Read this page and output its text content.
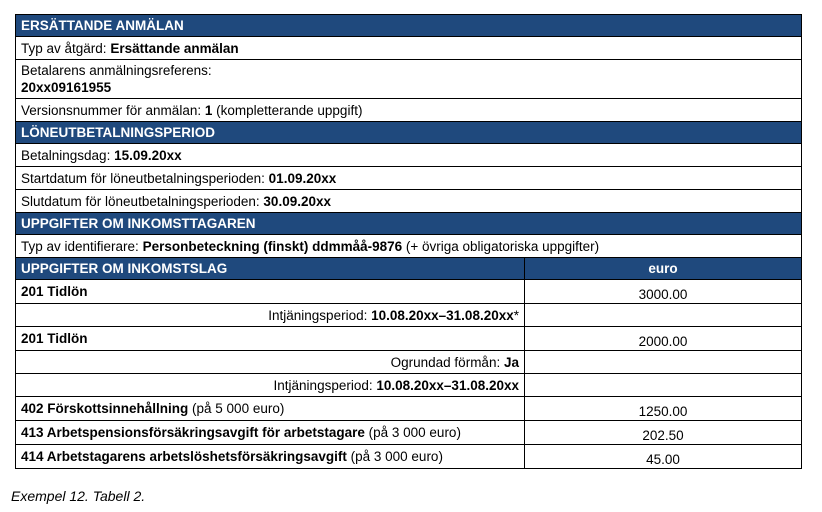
ERSÄTTANDE ANMÄLAN	
Typ av åtgärd: Ersättande anmälan	

Betalarens anmälningsreferens:
20xx09161955	
Versionsnummer för anmälan: 1 (kompletterande uppgift)	
LÖNEUTBETALNINGSPERIOD	
Betalningsdag: 15.09.20xx	
Startdatum för löneutbetalningsperioden: 01.09.20xx	
Slutdatum för löneutbetalningsperioden: 30.09.20xx	
UPPGIFTER OM INKOMSTTAGAREN	
Typ av identifierare: Personbeteckning (finskt) ddmmåå-9876 (+ övriga obligatoriska uppgifter)	
UPPGIFTER OM INKOMSTSLAG	euro
201 Tidlön	3000.00
Intjäningsperiod: 10.08.20xx–31.08.20xx*	
201 Tidlön	2000.00
Ogrundad förmån: Ja	
Intjäningsperiod: 10.08.20xx–31.08.20xx	
402 Förskottsinnehållning (på 5 000 euro)	1250.00
413 Arbetspensionsförsäkringsavgift för arbetstagare (på 3 000 euro)	202.50
414 Arbetstagarens arbetslöshetsförsäkringsavgift (på 3 000 euro)	45.00
Exempel 12. Tabell 2.
